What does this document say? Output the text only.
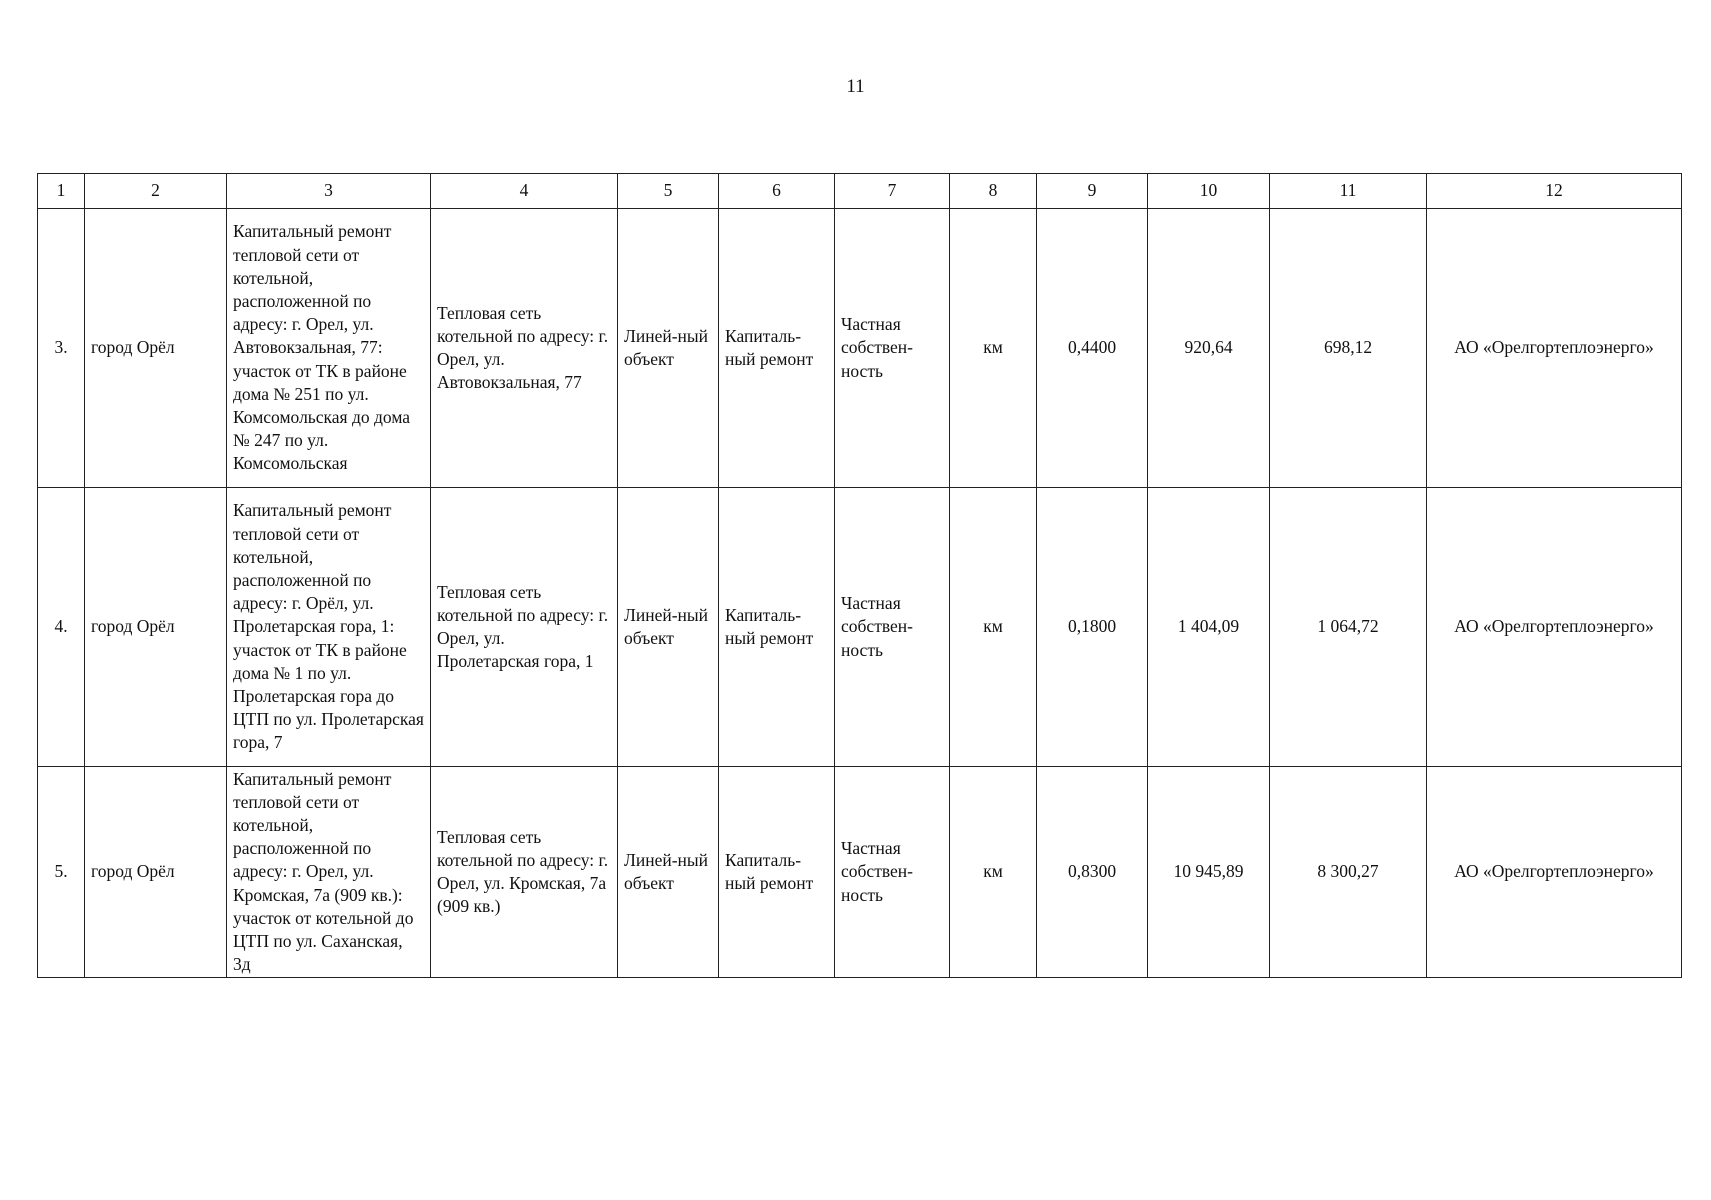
11
1	2	3	4	5	6	7	8	9	10	11	12
3.	город Орёл	Капитальный ремонт тепловой сети от котельной, расположенной по адресу: г. Орел, ул. Автовокзальная, 77: участок от ТК в районе дома № 251 по ул. Комсомольская до дома № 247 по ул. Комсомольская	Тепловая сеть котельной по адресу: г. Орел, ул. Автовокзальная, 77	Линей-ный объект	Капиталь-ный ремонт	Частная собствен-ность	км	0,4400	920,64	698,12	АО «Орелгортеплоэнерго»
4.	город Орёл	Капитальный ремонт тепловой сети от котельной, расположенной по адресу: г. Орёл, ул. Пролетарская гора, 1: участок от ТК в районе дома № 1 по ул. Пролетарская гора до ЦТП по ул. Пролетарская гора, 7	Тепловая сеть котельной по адресу: г. Орел, ул. Пролетарская гора, 1	Линей-ный объект	Капиталь-ный ремонт	Частная собствен-ность	км	0,1800	1 404,09	1 064,72	АО «Орелгортеплоэнерго»
5.	город Орёл	Капитальный ремонт тепловой сети от котельной, расположенной по адресу: г. Орел, ул. Кромская, 7а (909 кв.): участок от котельной до ЦТП по ул. Саханская, 3д	Тепловая сеть котельной по адресу: г. Орел, ул. Кромская, 7а (909 кв.)	Линей-ный объект	Капиталь-ный ремонт	Частная собствен-ность	км	0,8300	10 945,89	8 300,27	АО «Орелгортеплоэнерго»
